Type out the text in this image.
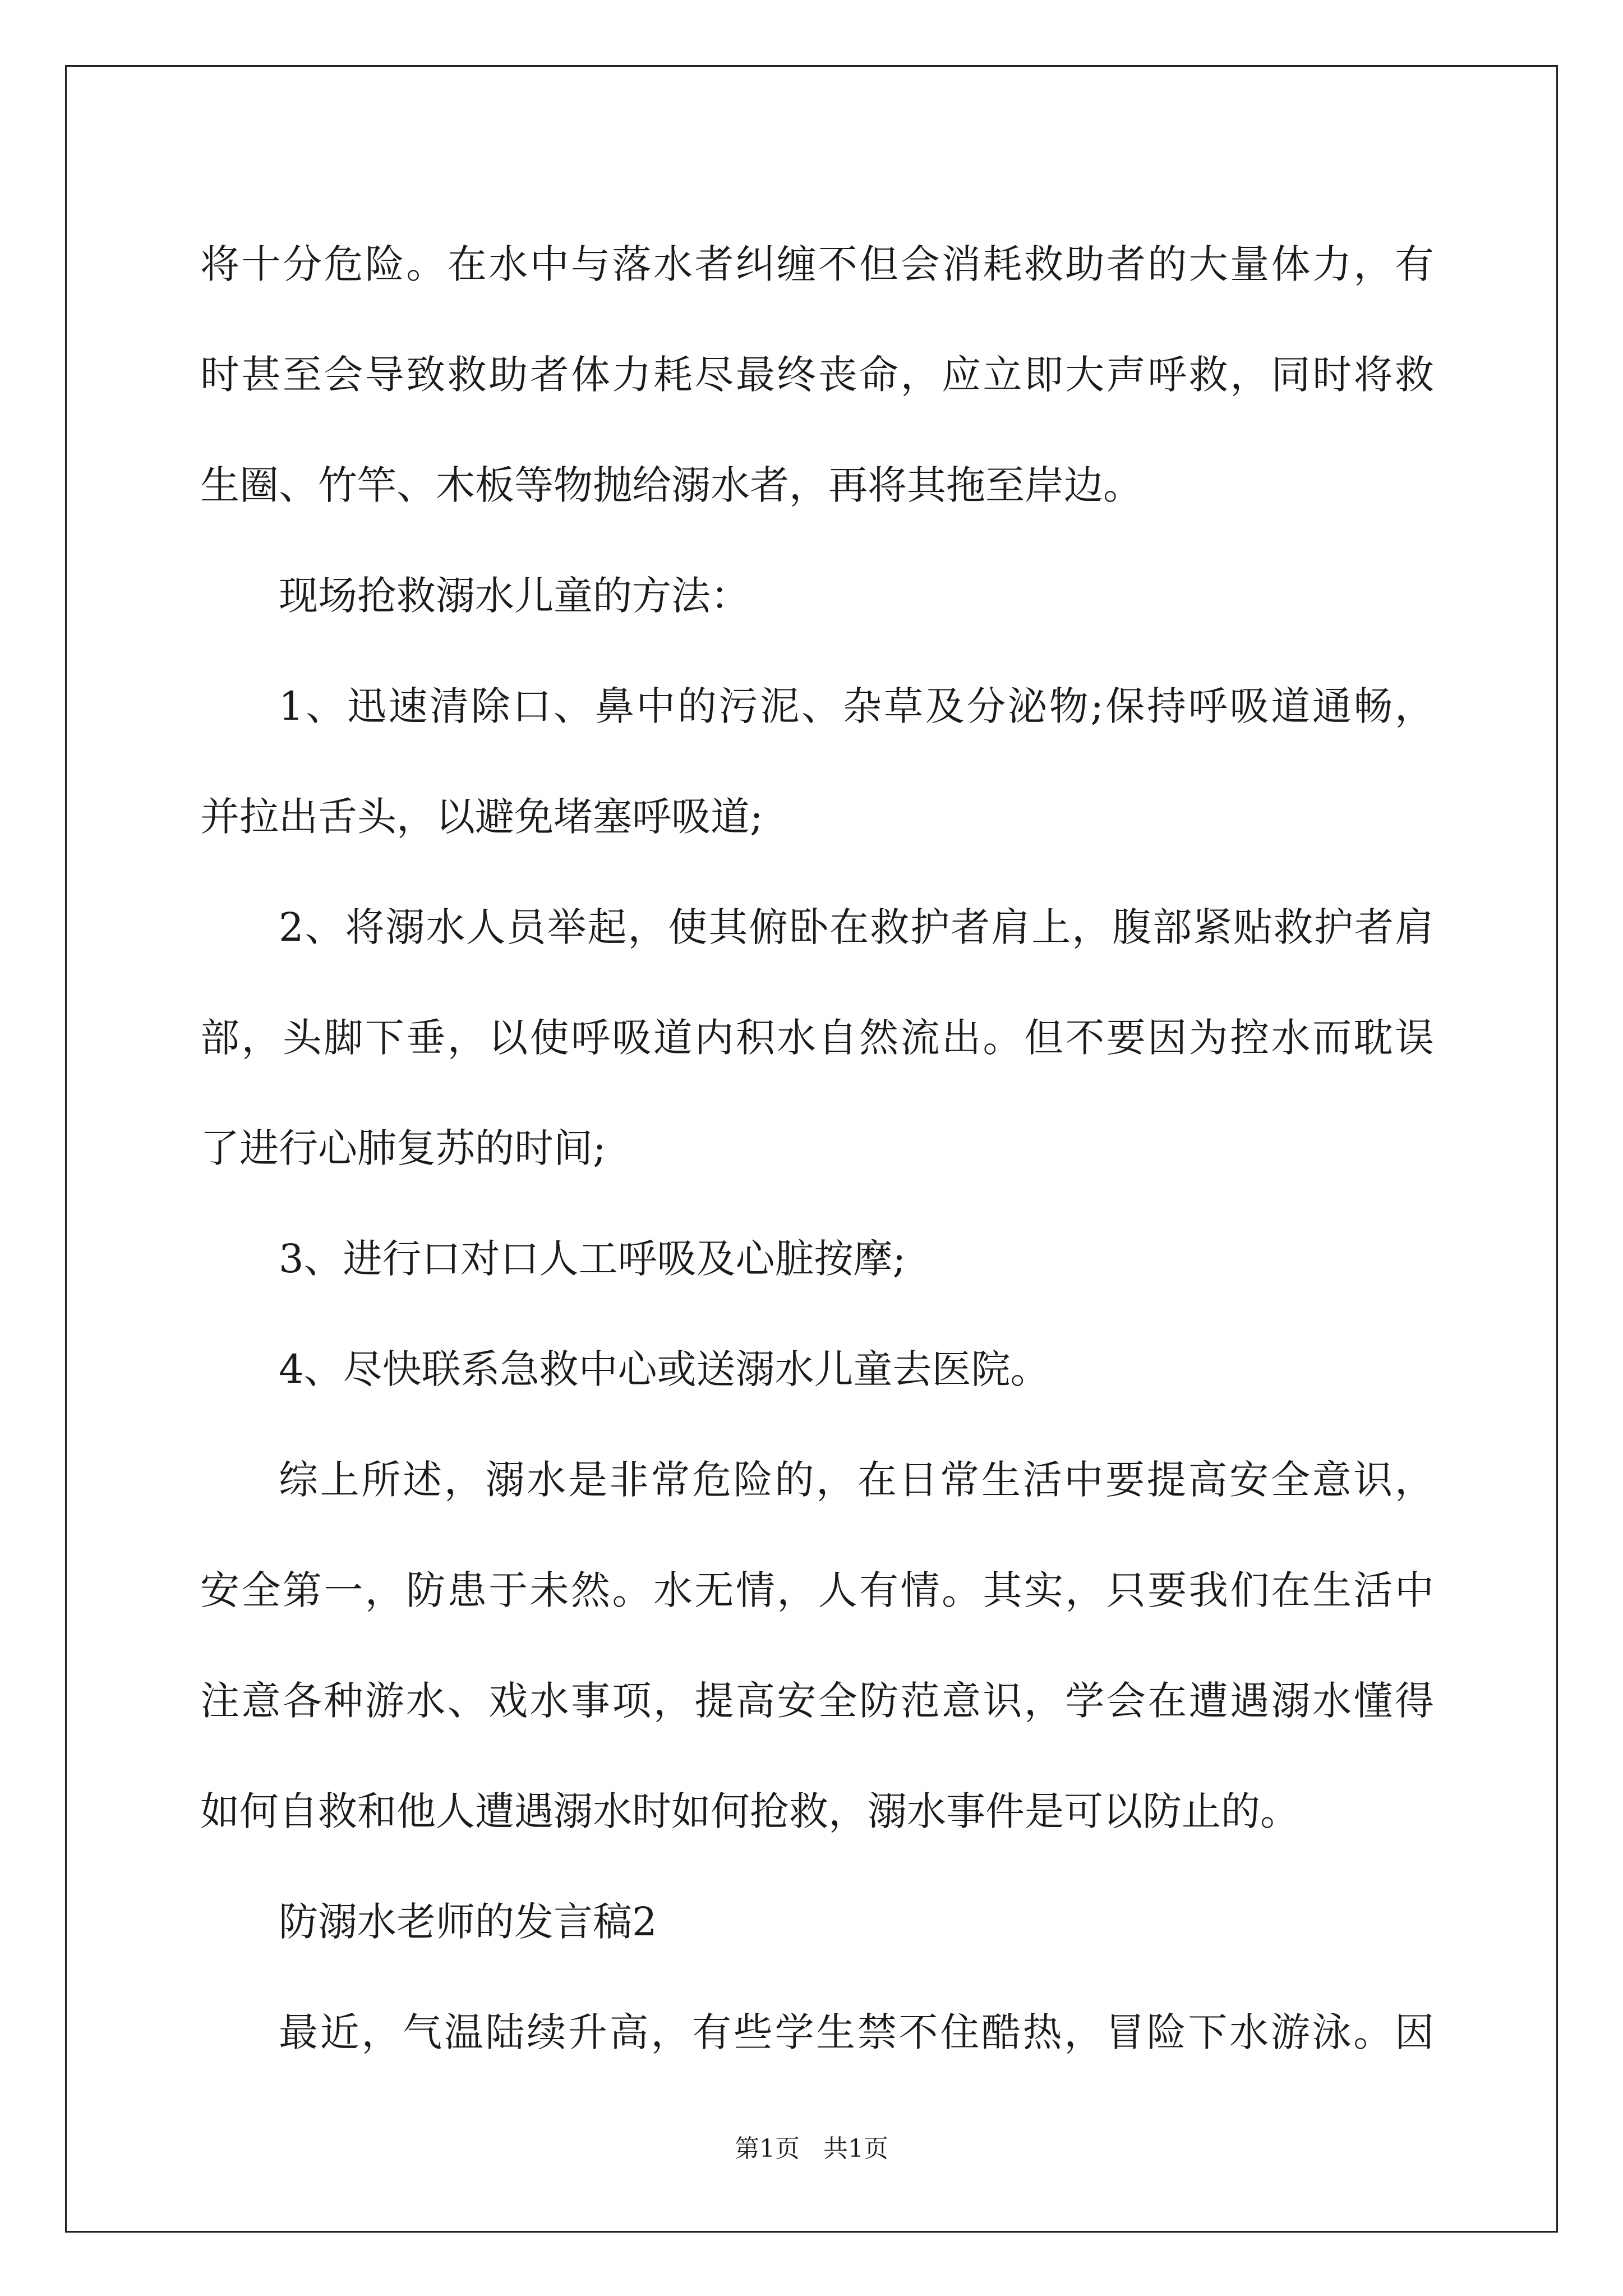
将十分危险。在水中与落水者纠缠不但会消耗救助者的大量体力，有
时甚至会导致救助者体力耗尽最终丧命，应立即大声呼救，同时将救
生圈、竹竿、木板等物抛给溺水者，再将其拖至岸边。
现场抢救溺水儿童的方法：
1、迅速清除口、鼻中的污泥、杂草及分泌物;保持呼吸道通畅，
并拉出舌头，以避免堵塞呼吸道;
2、将溺水人员举起，使其俯卧在救护者肩上，腹部紧贴救护者肩
部，头脚下垂，以使呼吸道内积水自然流出。但不要因为控水而耽误
了进行心肺复苏的时间;
3、进行口对口人工呼吸及心脏按摩;
4、尽快联系急救中心或送溺水儿童去医院。
综上所述，溺水是非常危险的，在日常生活中要提高安全意识，
安全第一，防患于未然。水无情，人有情。其实，只要我们在生活中
注意各种游水、戏水事项，提高安全防范意识，学会在遭遇溺水懂得
如何自救和他人遭遇溺水时如何抢救，溺水事件是可以防止的。
防溺水老师的发言稿2
最近，气温陆续升高，有些学生禁不住酷热，冒险下水游泳。因
第1页   共1页
